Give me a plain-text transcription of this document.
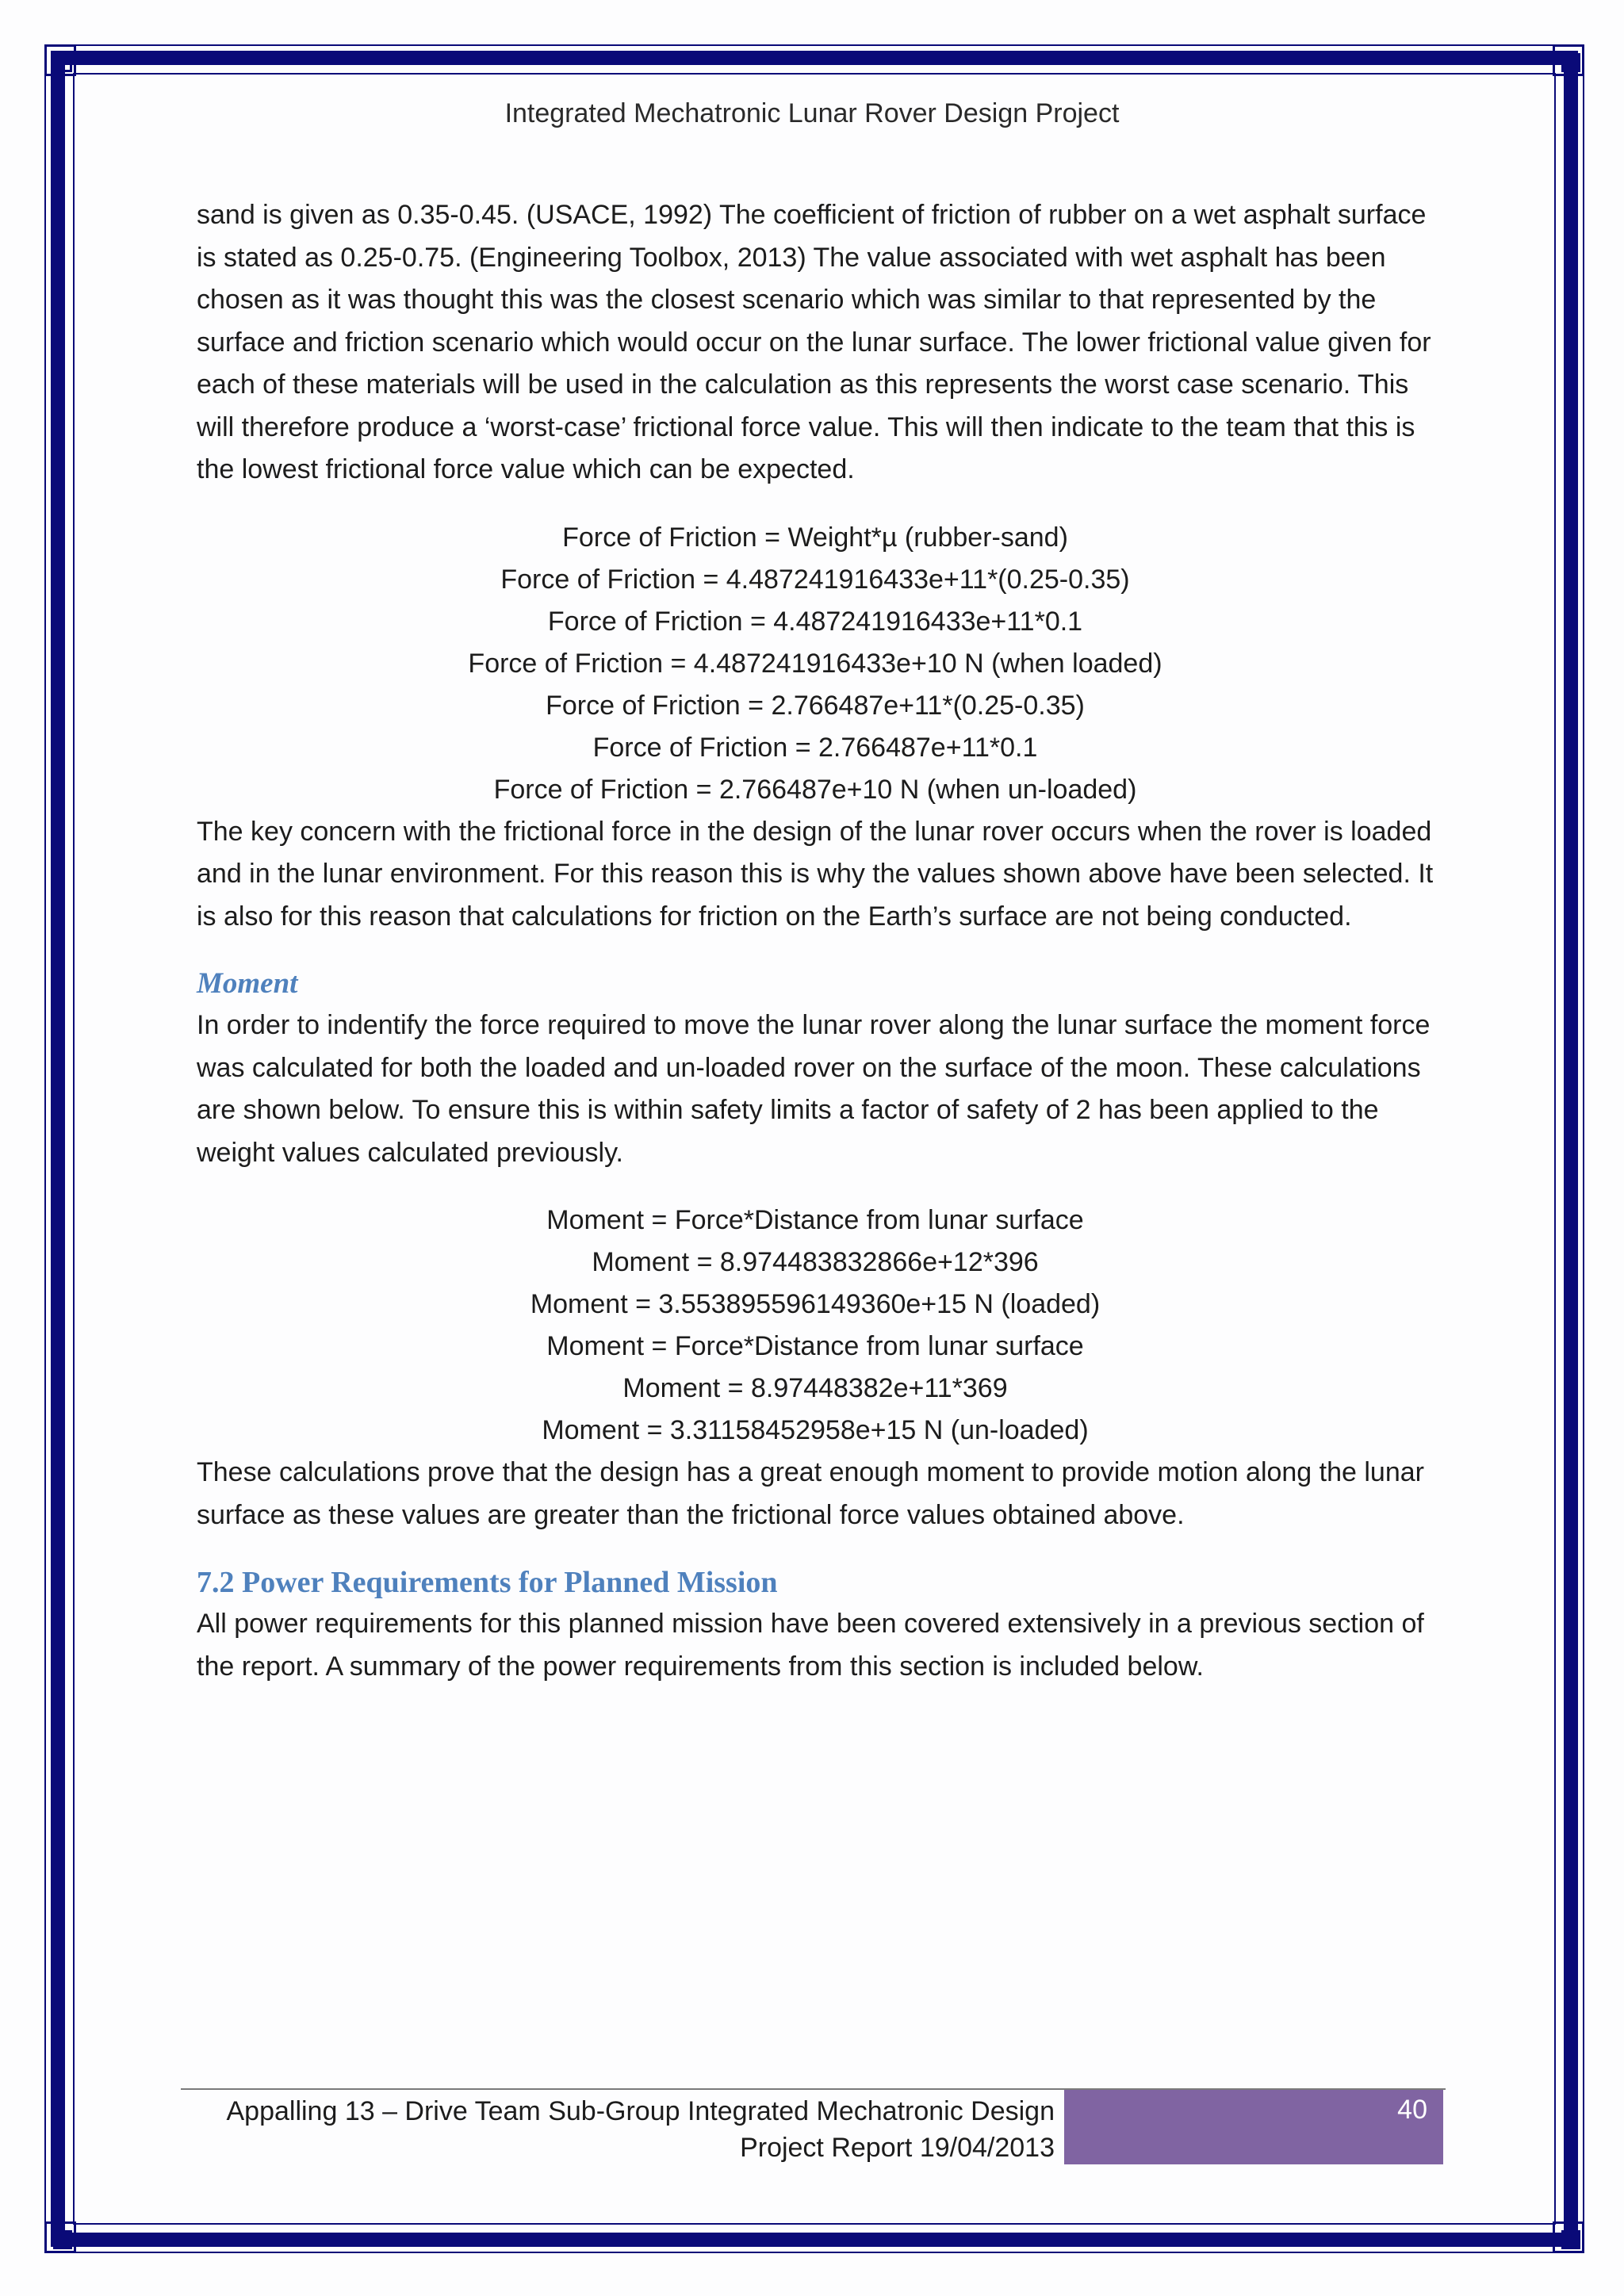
Integrated Mechatronic Lunar Rover Design Project

sand is given as 0.35-0.45. (USACE, 1992) The coefficient of friction of rubber on a wet asphalt surface is stated as 0.25-0.75. (Engineering Toolbox, 2013) The value associated with wet asphalt has been chosen as it was thought this was the closest scenario which was similar to that represented by the surface and friction scenario which would occur on the lunar surface. The lower frictional value given for each of these materials will be used in the calculation as this represents the worst case scenario. This will therefore produce a ‘worst-case’ frictional force value. This will then indicate to the team that this is the lowest frictional force value which can be expected.

Force of Friction = Weight*µ (rubber-sand)

Force of Friction = 4.487241916433e+11*(0.25-0.35)

Force of Friction = 4.487241916433e+11*0.1

Force of Friction = 4.487241916433e+10 N (when loaded)

Force of Friction = 2.766487e+11*(0.25-0.35)

Force of Friction = 2.766487e+11*0.1

Force of Friction = 2.766487e+10 N (when un-loaded)

The key concern with the frictional force in the design of the lunar rover occurs when the rover is loaded and in the lunar environment. For this reason this is why the values shown above have been selected. It is also for this reason that calculations for friction on the Earth’s surface are not being conducted.

Moment

In order to indentify the force required to move the lunar rover along the lunar surface the moment force was calculated for both the loaded and un-loaded rover on the surface of the moon. These calculations are shown below. To ensure this is within safety limits a factor of safety of 2 has been applied to the weight values calculated previously.

Moment = Force*Distance from lunar surface

Moment = 8.974483832866e+12*396

Moment = 3.553895596149360e+15 N (loaded)

Moment = Force*Distance from lunar surface

Moment = 8.97448382e+11*369

Moment = 3.31158452958e+15 N (un-loaded)

These calculations prove that the design has a great enough moment to provide motion along the lunar surface as these values are greater than the frictional force values obtained above.

7.2 Power Requirements for Planned Mission

All power requirements for this planned mission have been covered extensively in a previous section of the report. A summary of the power requirements from this section is included below.

Appalling 13 – Drive Team Sub-Group Integrated Mechatronic Design
Project Report 19/04/2013
40
